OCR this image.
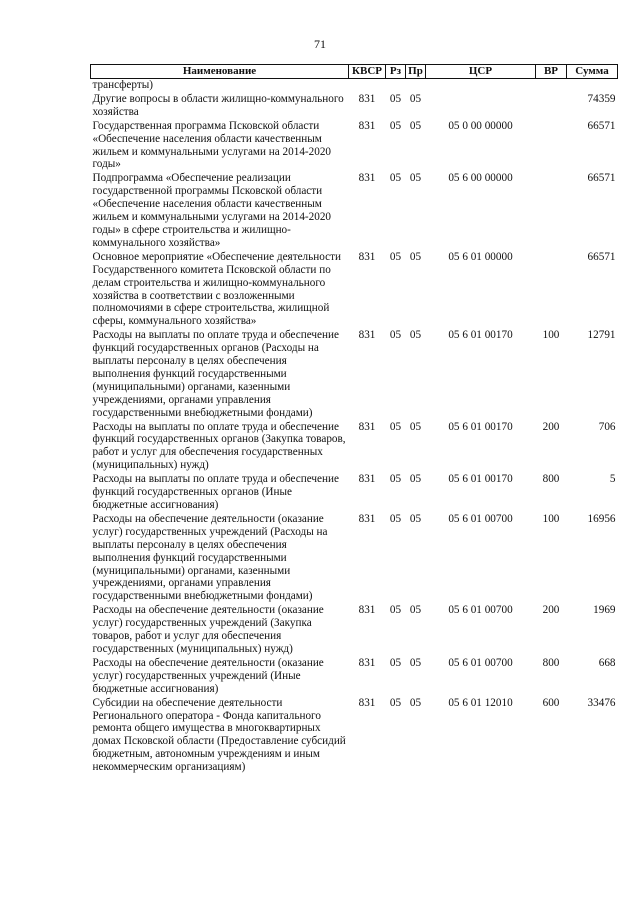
71
Наименование	КВСР	Рз	Пр	ЦСР	ВР	Сумма
трансферты)						
Другие вопросы в области жилищно-коммунального хозяйства	831	05	05			74359
Государственная программа Псковской области «Обеспечение населения области качественным жильем и коммунальными услугами на 2014-2020 годы»	831	05	05	05 0 00 00000		66571
Подпрограмма «Обеспечение реализации государственной программы Псковской области «Обеспечение населения области качественным жильем и коммунальными услугами на 2014-2020 годы» в сфере строительства и жилищно-коммунального хозяйства»	831	05	05	05 6 00 00000		66571
Основное мероприятие «Обеспечение деятельности Государственного комитета Псковской области по делам строительства и жилищно-коммунального хозяйства в соответствии с возложенными полномочиями в сфере строительства, жилищной сферы, коммунального хозяйства»	831	05	05	05 6 01 00000		66571
Расходы на выплаты по оплате труда и обеспечение функций государственных органов (Расходы на выплаты персоналу в целях обеспечения выполнения функций государственными (муниципальными) органами, казенными учреждениями, органами управления государственными внебюджетными фондами)	831	05	05	05 6 01 00170	100	12791
Расходы на выплаты по оплате труда и обеспечение функций государственных органов (Закупка товаров, работ и услуг для обеспечения государственных (муниципальных) нужд)	831	05	05	05 6 01 00170	200	706
Расходы на выплаты по оплате труда и обеспечение функций государственных органов (Иные бюджетные ассигнования)	831	05	05	05 6 01 00170	800	5
Расходы на обеспечение деятельности (оказание услуг) государственных учреждений (Расходы на выплаты персоналу в целях обеспечения выполнения функций государственными (муниципальными) органами, казенными учреждениями, органами управления государственными внебюджетными фондами)	831	05	05	05 6 01 00700	100	16956
Расходы на обеспечение деятельности (оказание услуг) государственных учреждений (Закупка товаров, работ и услуг для обеспечения государственных (муниципальных) нужд)	831	05	05	05 6 01 00700	200	1969
Расходы на обеспечение деятельности (оказание услуг) государственных учреждений (Иные бюджетные ассигнования)	831	05	05	05 6 01 00700	800	668
Субсидии на обеспечение деятельности Регионального оператора - Фонда капитального ремонта общего имущества в многоквартирных домах Псковской области (Предоставление субсидий бюджетным, автономным учреждениям и иным некоммерческим организациям)	831	05	05	05 6 01 12010	600	33476
